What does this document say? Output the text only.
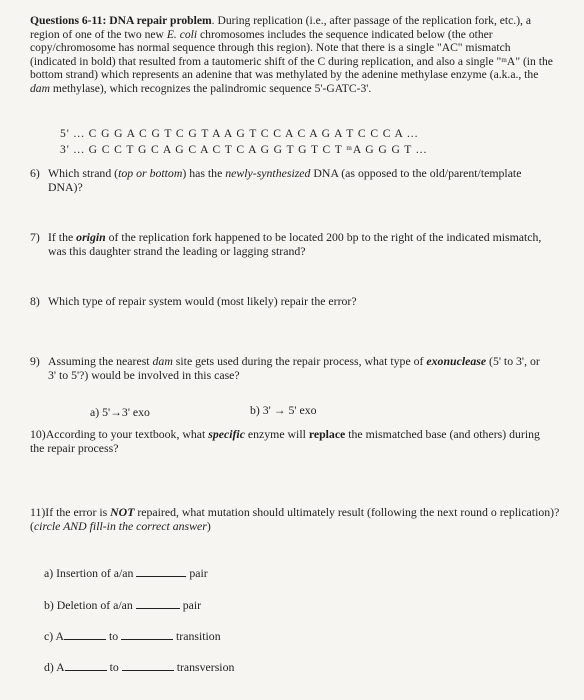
Questions 6-11: DNA repair problem. During replication (i.e., after passage of the replication fork, etc.), a region of one of the two new E. coli chromosomes includes the sequence indicated below (the other copy/chromosome has normal sequence through this region). Note that there is a single "AC" mismatch (indicated in bold) that resulted from a tautomeric shift of the C during replication, and also a single "ᵐA" (in the bottom strand) which represents an adenine that was methylated by the adenine methylase enzyme (a.k.a., the dam methylase), which recognizes the palindromic sequence 5'-GATC-3'.
5' ... C G G A C G T C G T A A G T C C A C A G A T C C C A ...
3' ... G C C T G C A G C A C T C A G G T G T C T ᵐA G G G T ...
6) Which strand (top or bottom) has the newly-synthesized DNA (as opposed to the old/parent/template DNA)?
7) If the origin of the replication fork happened to be located 200 bp to the right of the indicated mismatch, was this daughter strand the leading or lagging strand?
8) Which type of repair system would (most likely) repair the error?
9) Assuming the nearest dam site gets used during the repair process, what type of exonuclease (5' to 3', or 3' to 5'?) would be involved in this case?
a) 5'→3' exo	b) 3' → 5' exo
10)According to your textbook, what specific enzyme will replace the mismatched base (and others) during the repair process?
11)If the error is NOT repaired, what mutation should ultimately result (following the next round o replication)? (circle AND fill-in the correct answer)
a) Insertion of a/an	pair
b) Deletion of a/an	pair
c) A	to	transition
d) A	to	transversion
